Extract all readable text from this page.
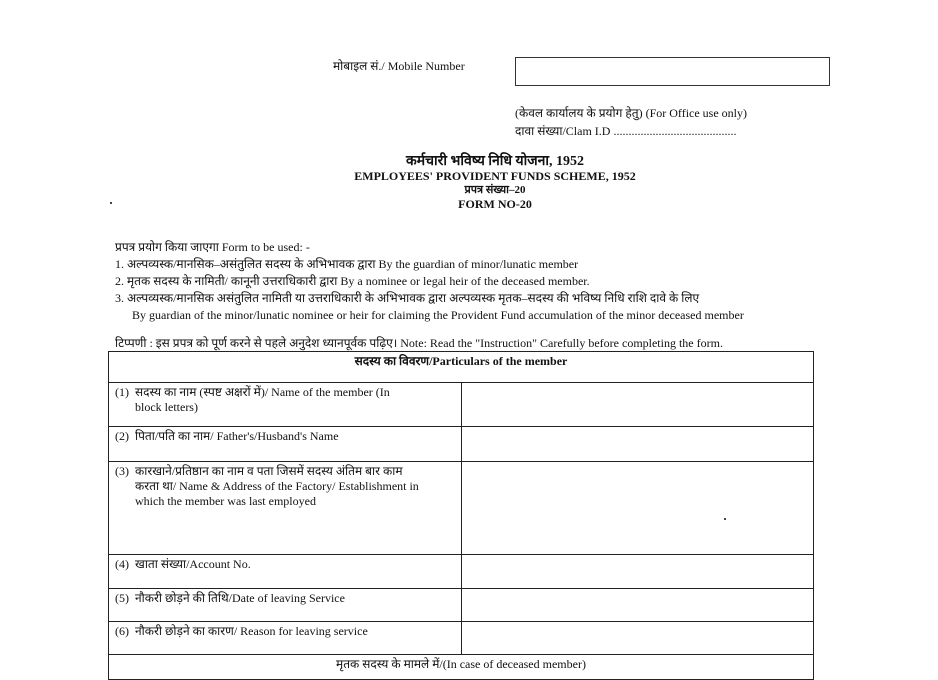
मोबाइल सं./ Mobile Number
(केवल कार्यालय के प्रयोग हेतु) (For Office use only)
दावा संख्या/Clam I.D .........................................
कर्मचारी भविष्य निधि योजना, 1952
EMPLOYEES' PROVIDENT FUNDS SCHEME, 1952
प्रपत्र संख्या–20
FORM NO-20
प्रपत्र प्रयोग किया जाएगा Form to be used: -
1. अल्पव्यस्क/मानसिक–असंतुलित सदस्य के अभिभावक द्वारा By the guardian of minor/lunatic member
2. मृतक सदस्य के नामिती/ कानूनी उत्तराधिकारी द्वारा By a nominee or legal heir of the deceased member.
3. अल्पव्यस्क/मानसिक असंतुलित नामिती या उत्तराधिकारी के अभिभावक द्वारा अल्पव्यस्क मृतक–सदस्य की भविष्य निधि राशि दावे के लिए
By guardian of the minor/lunatic nominee or heir for claiming the Provident Fund accumulation of the minor deceased member
टिप्पणी : इस प्रपत्र को पूर्ण करने से पहले अनुदेश ध्यानपूर्वक पढ़िए। Note: Read the "Instruction" Carefully before completing the form.
सदस्य का विवरण/Particulars of the member	
(1) सदस्य का नाम (स्पष्ट अक्षरों में)/ Name of the member (In
block letters)	

(2) पिता/पति का नाम/ Father's/Husband's Name	
(3) कारखाने/प्रतिष्ठान का नाम व पता जिसमें सदस्य अंतिम बार काम
करता था/ Name & Address of the Factory/ Establishment in
which the member was last employed	

(4) खाता संख्या/Account No.	
(5) नौकरी छोड़ने की तिथि/Date of leaving Service	
(6) नौकरी छोड़ने का कारण/ Reason for leaving service	
मृतक सदस्य के मामले में/(In case of deceased member)	
